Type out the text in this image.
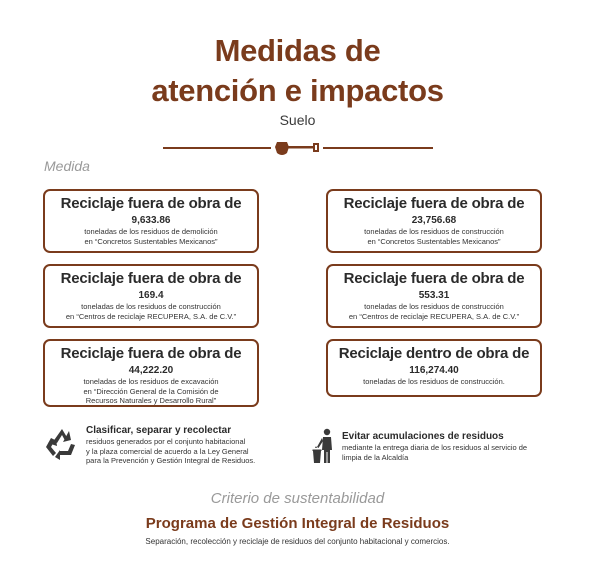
Medidas de
atención e impactos
Suelo
Medida
Reciclaje fuera de obra de
9,633.86
toneladas de los residuos de demolición
en “Concretos Sustentables Mexicanos”
Reciclaje fuera de obra de
23,756.68
toneladas de los residuos de construcción
en “Concretos Sustentables Mexicanos”
Reciclaje fuera de obra de
169.4
toneladas de los residuos de construcción
en “Centros de reciclaje RECUPERA, S.A. de C.V.”
Reciclaje fuera de obra de
553.31
toneladas de los residuos de construcción
en “Centros de reciclaje RECUPERA, S.A. de C.V.”
Reciclaje fuera de obra de
44,222.20
toneladas de los residuos de excavación
en “Dirección General de la Comisión de
Recursos Naturales y Desarrollo Rural”
Reciclaje dentro de obra de
116,274.40
toneladas de los residuos de construcción.
Clasificar, separar y recolectar
residuos generados por el conjunto habitacional
y la plaza comercial de acuerdo a la Ley General
para la Prevención y Gestión Integral de Residuos.
Evitar acumulaciones de residuos
mediante la entrega diaria de los residuos al servicio de
limpia de la Alcaldía
Criterio de sustentabilidad
Programa de Gestión Integral de Residuos
Separación, recolección y reciclaje de residuos del conjunto habitacional y comercios.
